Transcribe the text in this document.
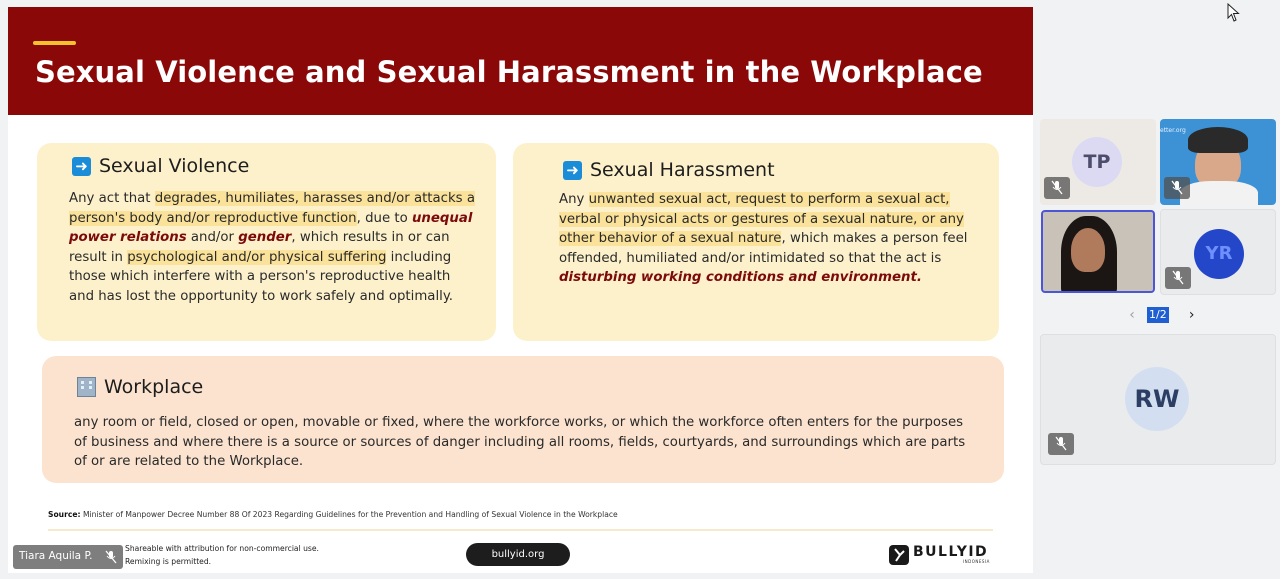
Sexual Violence and Sexual Harassment in the Workplace
➜ Sexual Violence
Any act that degrades, humiliates, harasses and/or attacks a person's body and/or reproductive function, due to unequal power relations and/or gender, which results in or can result in psychological and/or physical suffering including those which interfere with a person's reproductive health and has lost the opportunity to work safely and optimally.
➜ Sexual Harassment
Any unwanted sexual act, request to perform a sexual act, verbal or physical acts or gestures of a sexual nature, or any other behavior of a sexual nature, which makes a person feel offended, humiliated and/or intimidated so that the act is disturbing working conditions and environment.
Workplace
any room or field, closed or open, movable or fixed, where the workforce works, or which the workforce often enters for the purposes of business and where there is a source or sources of danger including all rooms, fields, courtyards, and surroundings which are parts of or are related to the Workplace.
Source: Minister of Manpower Decree Number 88 Of 2023 Regarding Guidelines for the Prevention and Handling of Sexual Violence in the Workplace
Shareable with attribution for non-commercial use.
Remixing is permitted.
bullyid.org	BULLYID
INDONESIA
Tiara Aquila P.
TP
etter.org
YR
‹	1/2 ›
RW
